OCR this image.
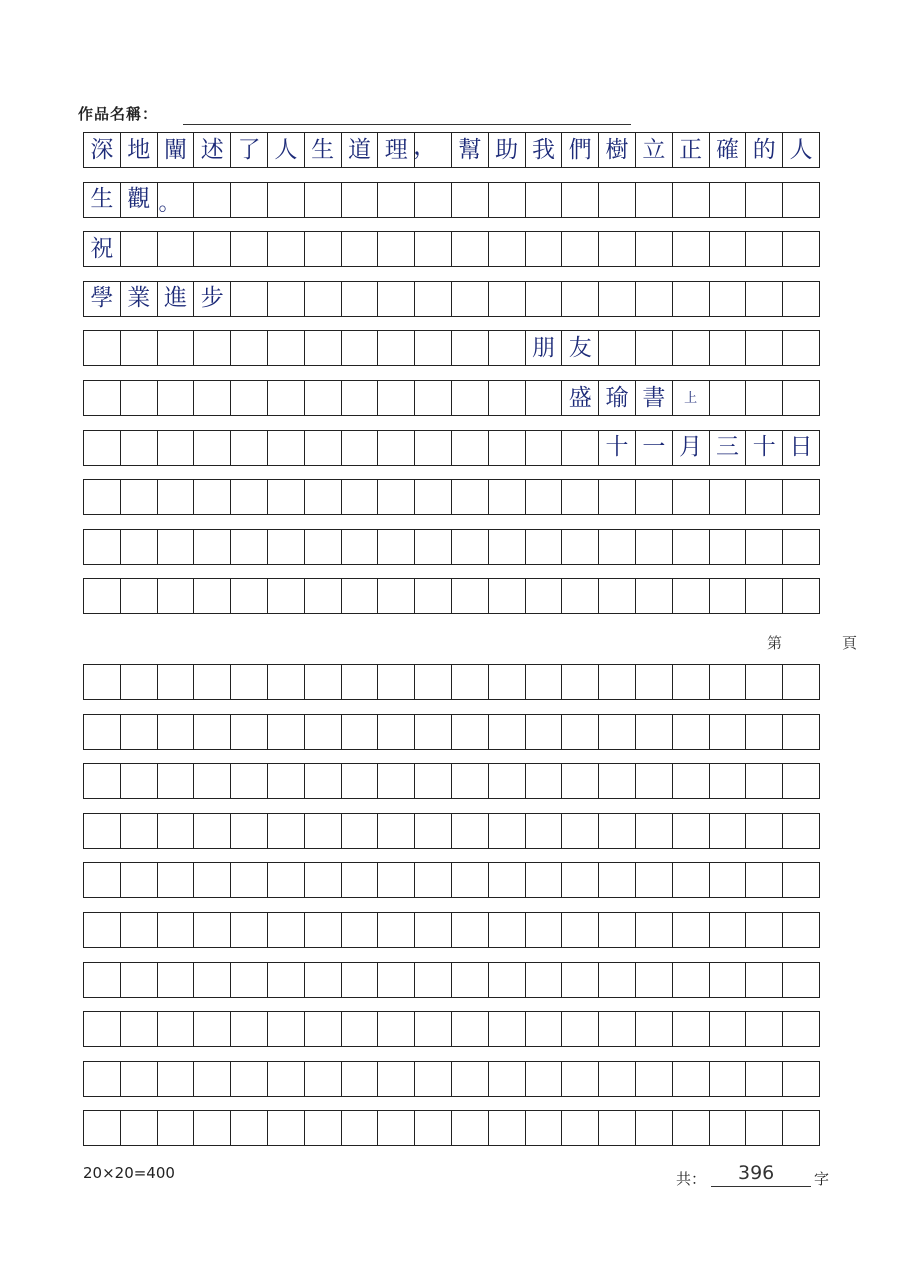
作品名稱：
深 地 闡 述 了 人 生 道 理 ， 幫 助 我 們 樹 立 正 確 的 人
生 觀 。
祝
學 業 進 步
朋 友
盛 瑜 書 上
十 一 月 三 十 日
第	頁
20×20=400	共： 396	字
